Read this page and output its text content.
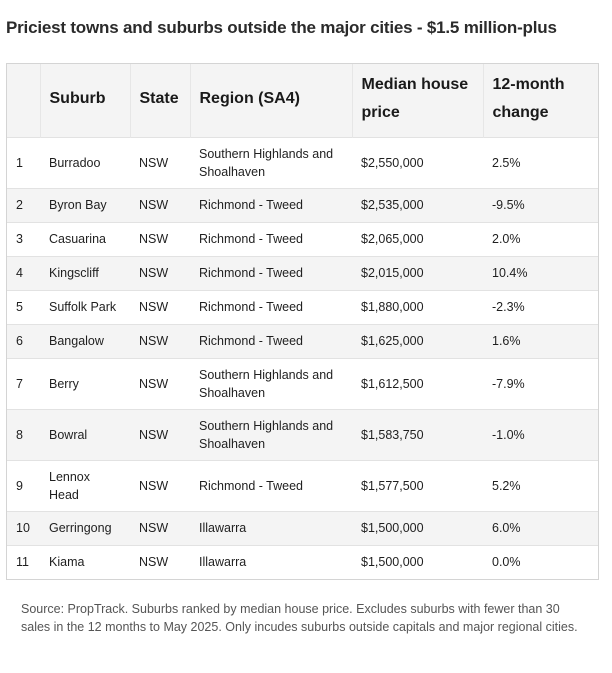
Priciest towns and suburbs outside the major cities - $1.5 million-plus
	Suburb	State	Region (SA4)	Median house price	12-month change
1	Burradoo	NSW	Southern Highlands and Shoalhaven	$2,550,000	2.5%
2	Byron Bay	NSW	Richmond - Tweed	$2,535,000	-9.5%
3	Casuarina	NSW	Richmond - Tweed	$2,065,000	2.0%
4	Kingscliff	NSW	Richmond - Tweed	$2,015,000	10.4%
5	Suffolk Park	NSW	Richmond - Tweed	$1,880,000	-2.3%
6	Bangalow	NSW	Richmond - Tweed	$1,625,000	1.6%
7	Berry	NSW	Southern Highlands and Shoalhaven	$1,612,500	-7.9%
8	Bowral	NSW	Southern Highlands and Shoalhaven	$1,583,750	-1.0%
9	Lennox Head	NSW	Richmond - Tweed	$1,577,500	5.2%
10	Gerringong	NSW	Illawarra	$1,500,000	6.0%
11	Kiama	NSW	Illawarra	$1,500,000	0.0%
Source: PropTrack. Suburbs ranked by median house price. Excludes suburbs with fewer than 30 sales in the 12 months to May 2025. Only incudes suburbs outside capitals and major regional cities.
